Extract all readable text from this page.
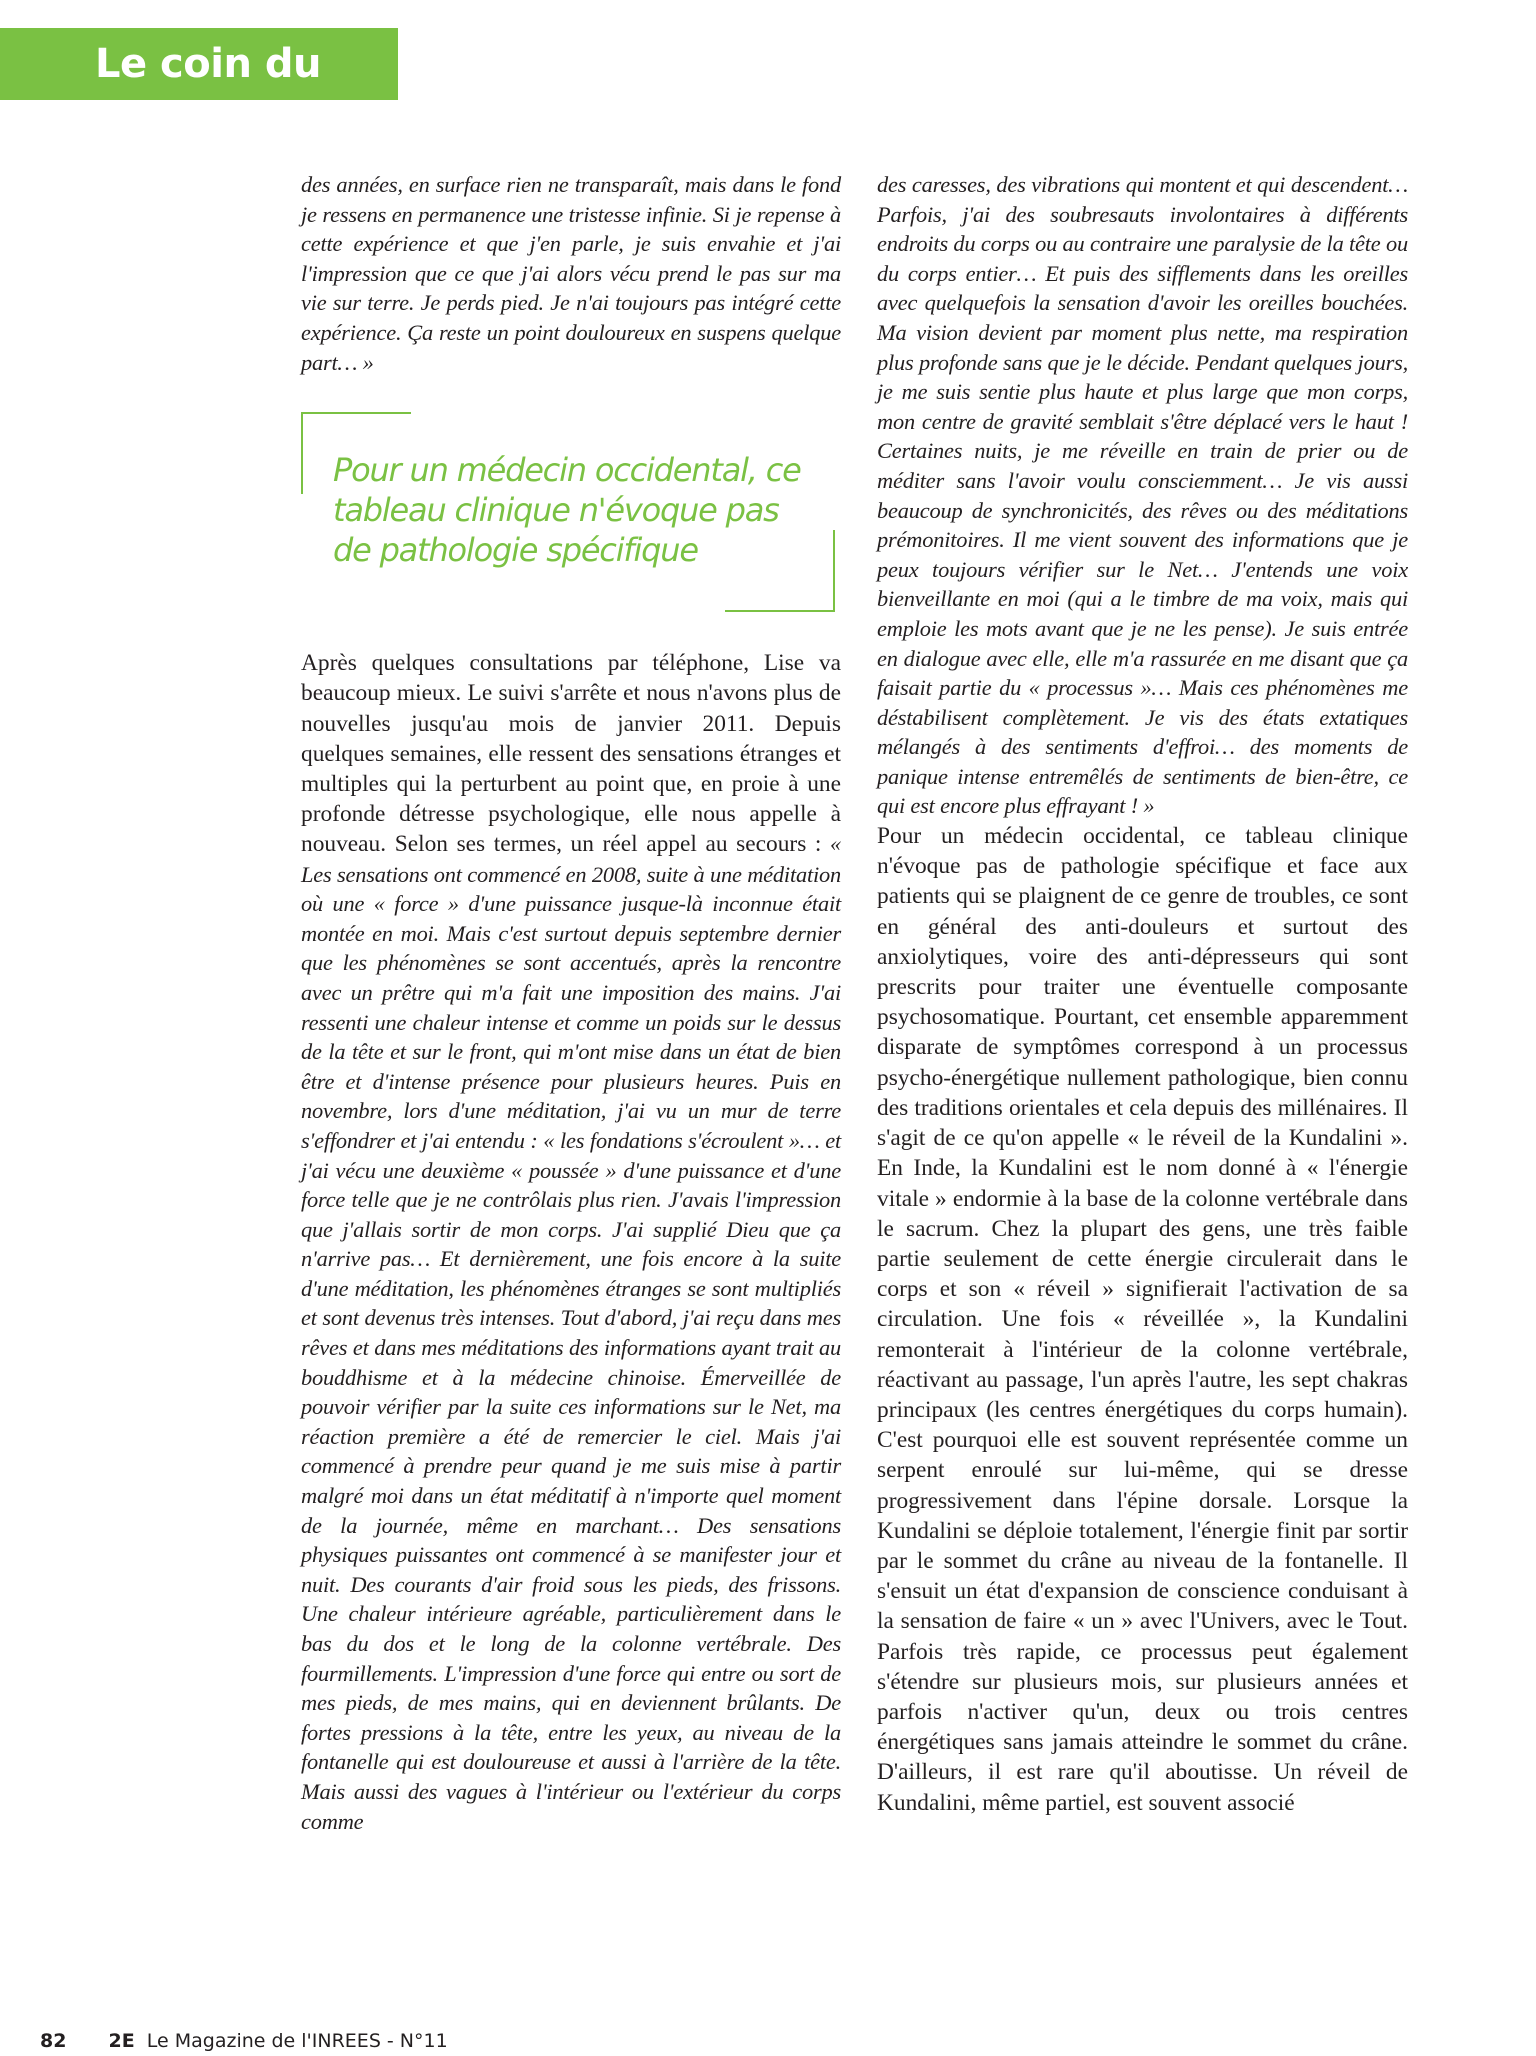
Le coin du Psy

des années, en surface rien ne transparaît, mais dans le fond je ressens en permanence une tristesse infinie. Si je repense à cette expérience et que j'en parle, je suis envahie et j'ai l'impression que ce que j'ai alors vécu prend le pas sur ma vie sur terre. Je perds pied. Je n'ai toujours pas intégré cette expérience. Ça reste un point douloureux en suspens quelque part… »

Pour un médecin occidental, ce tableau clinique n'évoque pas de pathologie spécifique

Après quelques consultations par téléphone, Lise va beaucoup mieux. Le suivi s'arrête et nous n'avons plus de nouvelles jusqu'au mois de janvier 2011. Depuis quelques semaines, elle ressent des sensations étranges et multiples qui la perturbent au point que, en proie à une profonde détresse psychologique, elle nous appelle à nouveau. Selon ses termes, un réel appel au secours : « Les sensations ont commencé en 2008, suite à une méditation où une « force » d'une puissance jusque-là inconnue était montée en moi. Mais c'est surtout depuis septembre dernier que les phénomènes se sont accentués, après la rencontre avec un prêtre qui m'a fait une imposition des mains. J'ai ressenti une chaleur intense et comme un poids sur le dessus de la tête et sur le front, qui m'ont mise dans un état de bien être et d'intense présence pour plusieurs heures. Puis en novembre, lors d'une méditation, j'ai vu un mur de terre s'effondrer et j'ai entendu : « les fondations s'écroulent »… et j'ai vécu une deuxième « poussée » d'une puissance et d'une force telle que je ne contrôlais plus rien. J'avais l'impression que j'allais sortir de mon corps. J'ai supplié Dieu que ça n'arrive pas… Et dernièrement, une fois encore à la suite d'une méditation, les phénomènes étranges se sont multipliés et sont devenus très intenses. Tout d'abord, j'ai reçu dans mes rêves et dans mes méditations des informations ayant trait au bouddhisme et à la médecine chinoise. Émerveillée de pouvoir vérifier par la suite ces informations sur le Net, ma réaction première a été de remercier le ciel. Mais j'ai commencé à prendre peur quand je me suis mise à partir malgré moi dans un état méditatif à n'importe quel moment de la journée, même en marchant… Des sensations physiques puissantes ont commencé à se manifester jour et nuit. Des courants d'air froid sous les pieds, des frissons. Une chaleur intérieure agréable, particulièrement dans le bas du dos et le long de la colonne vertébrale. Des fourmillements. L'impression d'une force qui entre ou sort de mes pieds, de mes mains, qui en deviennent brûlants. De fortes pressions à la tête, entre les yeux, au niveau de la fontanelle qui est douloureuse et aussi à l'arrière de la tête. Mais aussi des vagues à l'intérieur ou l'extérieur du corps comme

des caresses, des vibrations qui montent et qui descendent… Parfois, j'ai des soubresauts involontaires à différents endroits du corps ou au contraire une paralysie de la tête ou du corps entier… Et puis des sifflements dans les oreilles avec quelquefois la sensation d'avoir les oreilles bouchées. Ma vision devient par moment plus nette, ma respiration plus profonde sans que je le décide. Pendant quelques jours, je me suis sentie plus haute et plus large que mon corps, mon centre de gravité semblait s'être déplacé vers le haut ! Certaines nuits, je me réveille en train de prier ou de méditer sans l'avoir voulu consciemment… Je vis aussi beaucoup de synchronicités, des rêves ou des méditations prémonitoires. Il me vient souvent des informations que je peux toujours vérifier sur le Net… J'entends une voix bienveillante en moi (qui a le timbre de ma voix, mais qui emploie les mots avant que je ne les pense). Je suis entrée en dialogue avec elle, elle m'a rassurée en me disant que ça faisait partie du « processus »… Mais ces phénomènes me déstabilisent complètement. Je vis des états extatiques mélangés à des sentiments d'effroi… des moments de panique intense entremêlés de sentiments de bien-être, ce qui est encore plus effrayant ! »

Pour un médecin occidental, ce tableau clinique n'évoque pas de pathologie spécifique et face aux patients qui se plaignent de ce genre de troubles, ce sont en général des anti-douleurs et surtout des anxiolytiques, voire des anti-dépresseurs qui sont prescrits pour traiter une éventuelle composante psychosomatique. Pourtant, cet ensemble apparemment disparate de symptômes correspond à un processus psycho-énergétique nullement pathologique, bien connu des traditions orientales et cela depuis des millénaires. Il s'agit de ce qu'on appelle « le réveil de la Kundalini ». En Inde, la Kundalini est le nom donné à « l'énergie vitale » endormie à la base de la colonne vertébrale dans le sacrum. Chez la plupart des gens, une très faible partie seulement de cette énergie circulerait dans le corps et son « réveil » signifierait l'activation de sa circulation. Une fois « réveillée », la Kundalini remonterait à l'intérieur de la colonne vertébrale, réactivant au passage, l'un après l'autre, les sept chakras principaux (les centres énergétiques du corps humain). C'est pourquoi elle est souvent représentée comme un serpent enroulé sur lui-même, qui se dresse progressivement dans l'épine dorsale. Lorsque la Kundalini se déploie totalement, l'énergie finit par sortir par le sommet du crâne au niveau de la fontanelle. Il s'ensuit un état d'expansion de conscience conduisant à la sensation de faire « un » avec l'Univers, avec le Tout. Parfois très rapide, ce processus peut également s'étendre sur plusieurs mois, sur plusieurs années et parfois n'activer qu'un, deux ou trois centres énergétiques sans jamais atteindre le sommet du crâne. D'ailleurs, il est rare qu'il aboutisse. Un réveil de Kundalini, même partiel, est souvent associé

82 2E Le Magazine de l'INREES - N°11
